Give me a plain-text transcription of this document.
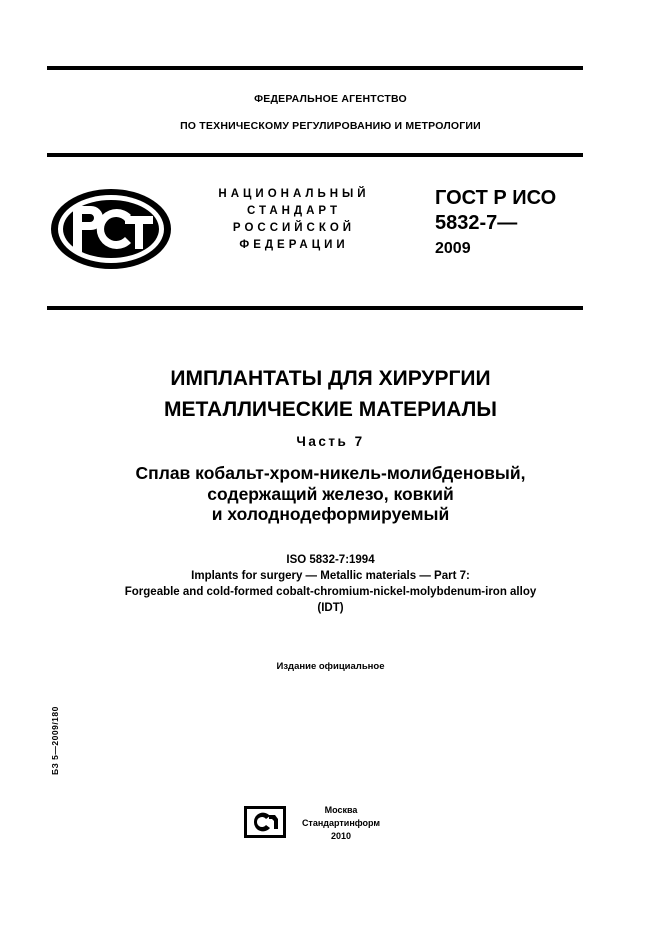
ФЕДЕРАЛЬНОЕ АГЕНТСТВО
ПО ТЕХНИЧЕСКОМУ РЕГУЛИРОВАНИЮ И МЕТРОЛОГИИ
НАЦИОНАЛЬНЫЙ
СТАНДАРТ
РОССИЙСКОЙ
ФЕДЕРАЦИИ
ГОСТ Р ИСО
5832-7—
2009
ИМПЛАНТАТЫ ДЛЯ ХИРУРГИИ
МЕТАЛЛИЧЕСКИЕ МАТЕРИАЛЫ
Часть 7
Сплав кобальт-хром-никель-молибденовый,
содержащий железо, ковкий
и холоднодеформируемый
ISO 5832-7:1994
Implants for surgery — Metallic materials — Part 7:
Forgeable and cold-formed cobalt-chromium-nickel-molybdenum-iron alloy
(IDT)
Издание официальное
БЗ 5—2009/180
Москва
Стандартинформ
2010
